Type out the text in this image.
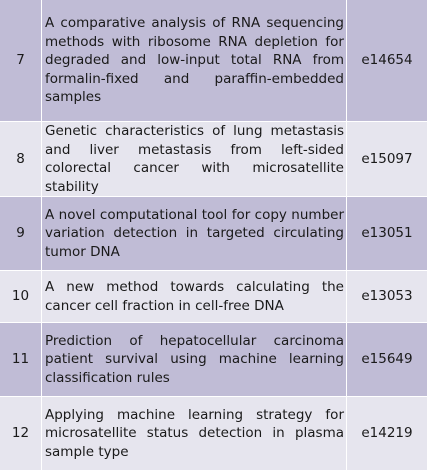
7
A comparative analysis of RNA sequencing methods with ribosome RNA depletion for degraded and low-input total RNA from formalin-fixed and paraffin-embedded samples
e14654
8
Genetic characteristics of lung metastasis and liver metastasis from left-sided colorectal cancer with microsatellite stability
e15097
9
A novel computational tool for copy number variation detection in targeted circulating tumor DNA
e13051
10
A new method towards calculating the cancer cell fraction in cell-free DNA
e13053
11
Prediction of hepatocellular carcinoma patient survival using machine learning classification rules
e15649
12
Applying machine learning strategy for microsatellite status detection in plasma sample type
e14219
